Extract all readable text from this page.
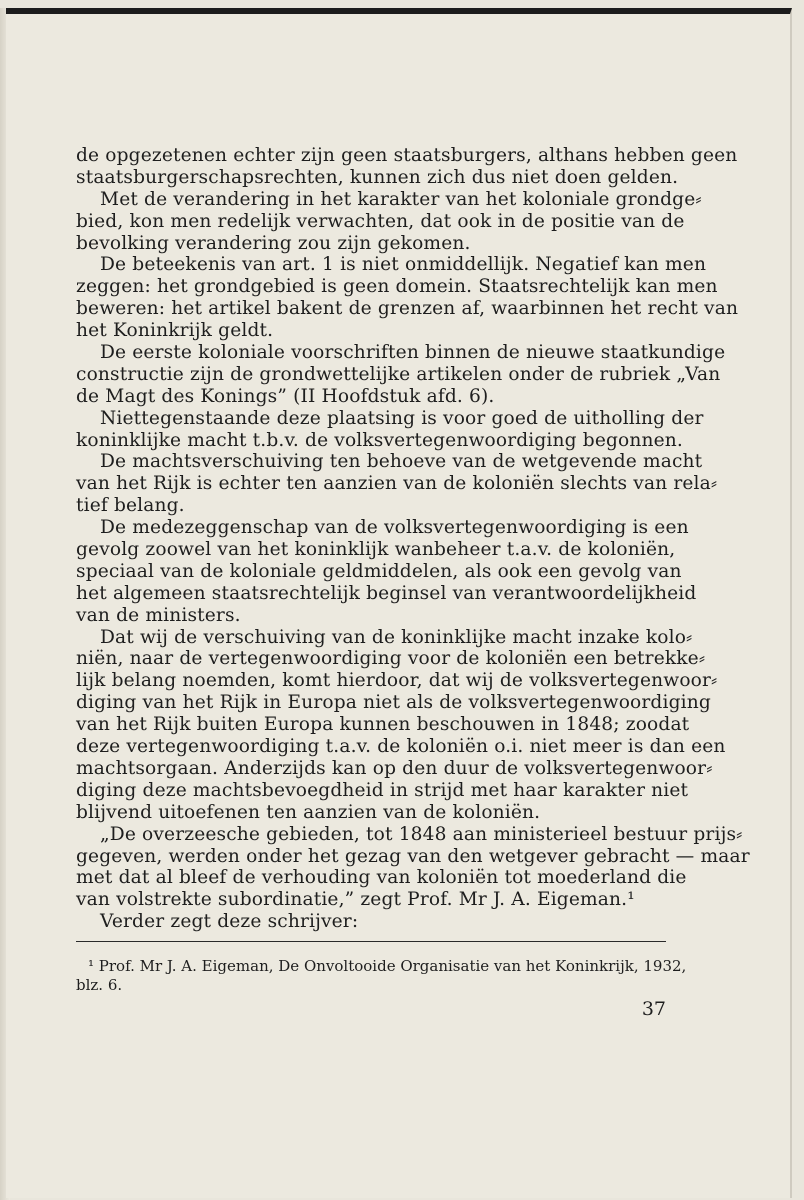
de opgezetenen echter zijn geen staatsburgers, althans hebben geen
staatsburgerschapsrechten, kunnen zich dus niet doen gelden.
Met de verandering in het karakter van het koloniale grondge⸗
bied, kon men redelijk verwachten, dat ook in de positie van de
bevolking verandering zou zijn gekomen.
De beteekenis van art. 1 is niet onmiddellijk. Negatief kan men
zeggen: het grondgebied is geen domein. Staatsrechtelijk kan men
beweren: het artikel bakent de grenzen af, waarbinnen het recht van
het Koninkrijk geldt.
De eerste koloniale voorschriften binnen de nieuwe staatkundige
constructie zijn de grondwettelijke artikelen onder de rubriek „Van
de Magt des Konings” (II Hoofdstuk afd. 6).
Niettegenstaande deze plaatsing is voor goed de uitholling der
koninklijke macht t.b.v. de volksvertegenwoordiging begonnen.
De machtsverschuiving ten behoeve van de wetgevende macht
van het Rijk is echter ten aanzien van de koloniën slechts van rela⸗
tief belang.
De medezeggenschap van de volksvertegenwoordiging is een
gevolg zoowel van het koninklijk wanbeheer t.a.v. de koloniën,
speciaal van de koloniale geldmiddelen, als ook een gevolg van
het algemeen staatsrechtelijk beginsel van verantwoordelijkheid
van de ministers.
Dat wij de verschuiving van de koninklijke macht inzake kolo⸗
niën, naar de vertegenwoordiging voor de koloniën een betrekke⸗
lijk belang noemden, komt hierdoor, dat wij de volksvertegenwoor⸗
diging van het Rijk in Europa niet als de volksvertegenwoordiging
van het Rijk buiten Europa kunnen beschouwen in 1848; zoodat
deze vertegenwoordiging t.a.v. de koloniën o.i. niet meer is dan een
machtsorgaan. Anderzijds kan op den duur de volksvertegenwoor⸗
diging deze machtsbevoegdheid in strijd met haar karakter niet
blijvend uitoefenen ten aanzien van de koloniën.
„De overzeesche gebieden, tot 1848 aan ministerieel bestuur prijs⸗
gegeven, werden onder het gezag van den wetgever gebracht — maar
met dat al bleef de verhouding van koloniën tot moederland die
van volstrekte subordinatie,” zegt Prof. Mr J. A. Eigeman.¹
Verder zegt deze schrijver:
¹ Prof. Mr J. A. Eigeman, De Onvoltooide Organisatie van het Koninkrijk, 1932,
blz. 6.
37
